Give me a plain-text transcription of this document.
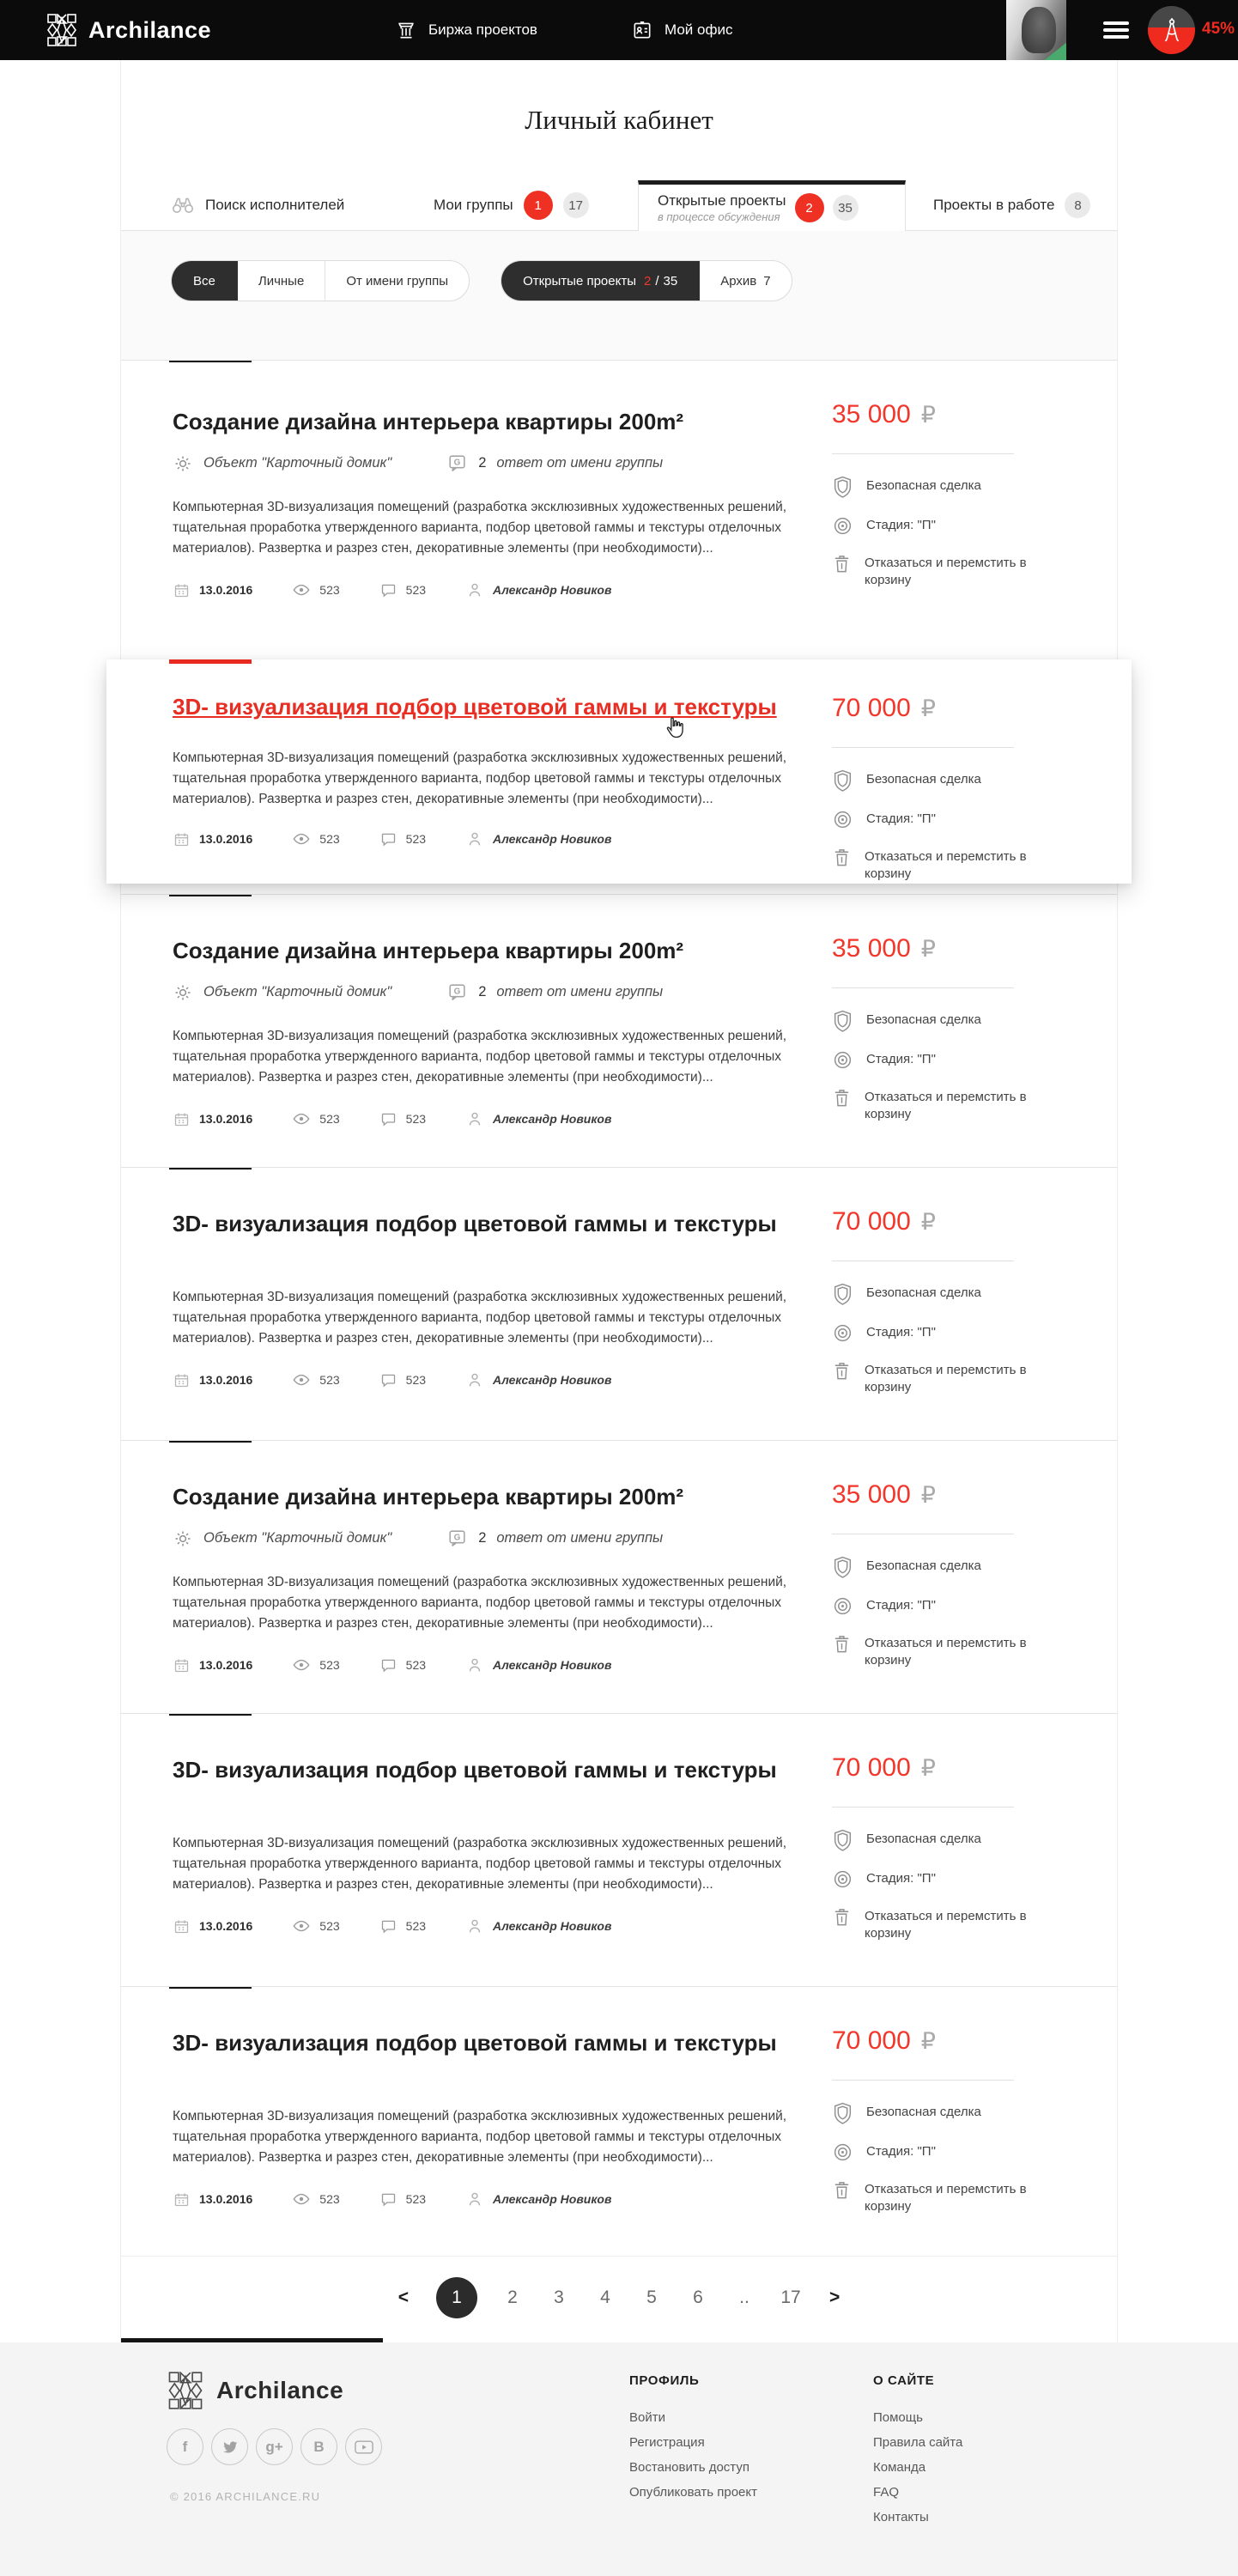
Archilance	Биржа проектов	Мой офис	45%
Личный кабинет
Поиск исполнителей	Мои группы	1	17	Открытые проекты
в процессе обсуждения
2	35	Проекты в работе	8
Все	Личные	От имени группы	Открытые проекты 2 / 35	Архив 7
Создание дизайна интерьера квартиры 200m²
Объект "Карточный домик"	G 2 ответ от имени группы

Компьютерная 3D-визуализация помещений (разработка эксклюзивных художественных решений, тщательная проработка утвержденного варианта, подбор цветовой гаммы и текстуры отделочных материалов). Развертка и разрез стен, декоративные элементы (при необходимости)...

13.0.2016	523	523	Александр Новиков
35 000 ₽
Безопасная сделка
Стадия: "П"
Отказаться и перемстить в корзину
3D- визуализация подбор цветовой гаммы и текстуры

Компьютерная 3D-визуализация помещений (разработка эксклюзивных художественных решений, тщательная проработка утвержденного варианта, подбор цветовой гаммы и текстуры отделочных материалов). Развертка и разрез стен, декоративные элементы (при необходимости)...

13.0.2016	523	523	Александр Новиков
70 000 ₽
Безопасная сделка
Стадия: "П"
Отказаться и перемстить в корзину
Создание дизайна интерьера квартиры 200m²
Объект "Карточный домик"	G 2 ответ от имени группы

Компьютерная 3D-визуализация помещений (разработка эксклюзивных художественных решений, тщательная проработка утвержденного варианта, подбор цветовой гаммы и текстуры отделочных материалов). Развертка и разрез стен, декоративные элементы (при необходимости)...

13.0.2016	523	523	Александр Новиков
35 000 ₽
Безопасная сделка
Стадия: "П"
Отказаться и перемстить в корзину
3D- визуализация подбор цветовой гаммы и текстуры

Компьютерная 3D-визуализация помещений (разработка эксклюзивных художественных решений, тщательная проработка утвержденного варианта, подбор цветовой гаммы и текстуры отделочных материалов). Развертка и разрез стен, декоративные элементы (при необходимости)...

13.0.2016	523	523	Александр Новиков
70 000 ₽
Безопасная сделка
Стадия: "П"
Отказаться и перемстить в корзину
Создание дизайна интерьера квартиры 200m²
Объект "Карточный домик"	G 2 ответ от имени группы

Компьютерная 3D-визуализация помещений (разработка эксклюзивных художественных решений, тщательная проработка утвержденного варианта, подбор цветовой гаммы и текстуры отделочных материалов). Развертка и разрез стен, декоративные элементы (при необходимости)...

13.0.2016	523	523	Александр Новиков
35 000 ₽
Безопасная сделка
Стадия: "П"
Отказаться и перемстить в корзину
3D- визуализация подбор цветовой гаммы и текстуры

Компьютерная 3D-визуализация помещений (разработка эксклюзивных художественных решений, тщательная проработка утвержденного варианта, подбор цветовой гаммы и текстуры отделочных материалов). Развертка и разрез стен, декоративные элементы (при необходимости)...

13.0.2016	523	523	Александр Новиков
70 000 ₽
Безопасная сделка
Стадия: "П"
Отказаться и перемстить в корзину
3D- визуализация подбор цветовой гаммы и текстуры

Компьютерная 3D-визуализация помещений (разработка эксклюзивных художественных решений, тщательная проработка утвержденного варианта, подбор цветовой гаммы и текстуры отделочных материалов). Развертка и разрез стен, декоративные элементы (при необходимости)...

13.0.2016	523	523	Александр Новиков
70 000 ₽
Безопасная сделка
Стадия: "П"
Отказаться и перемстить в корзину
<	1	2	3	4	5	6	..	17	>
Archilance
f	g+ B
© 2016 ARCHILANCE.RU
ПРОФИЛЬ
Войти
Регистрация
Востановить доступ
Опубликовать проект
О САЙТЕ
Помощь
Правила сайта
Команда
FAQ
Контакты
